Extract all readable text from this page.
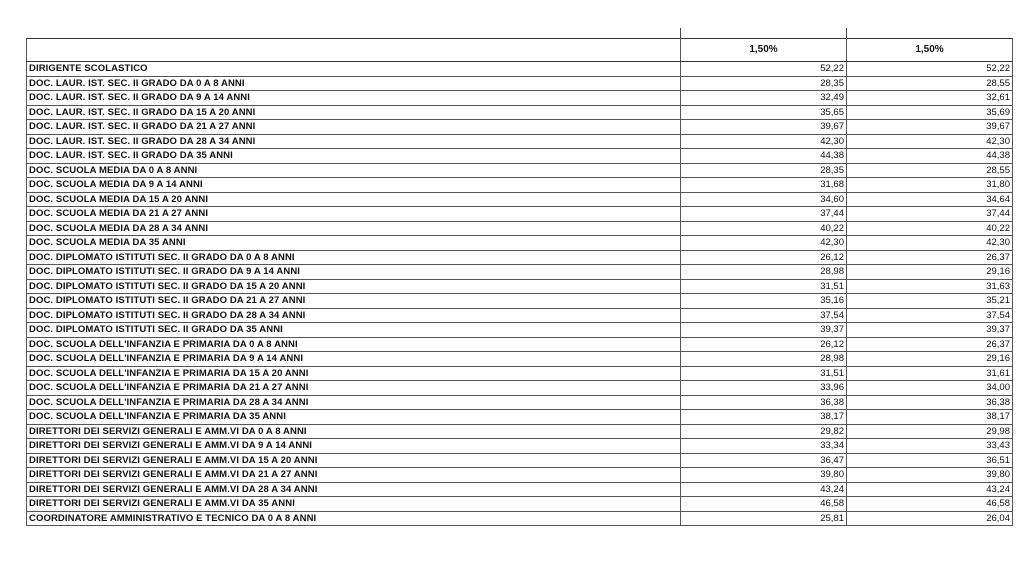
	1,50%	1,50%
DIRIGENTE SCOLASTICO	52,22	52,22
DOC. LAUR. IST. SEC. II GRADO DA 0 A 8 ANNI	28,35	28,55
DOC. LAUR. IST. SEC. II GRADO DA 9 A 14 ANNI	32,49	32,61
DOC. LAUR. IST. SEC. II GRADO DA 15 A 20 ANNI	35,65	35,69
DOC. LAUR. IST. SEC. II GRADO DA 21 A 27 ANNI	39,67	39,67
DOC. LAUR. IST. SEC. II GRADO DA 28 A 34 ANNI	42,30	42,30
DOC. LAUR. IST. SEC. II GRADO DA 35 ANNI	44,38	44,38
DOC. SCUOLA MEDIA DA 0 A 8 ANNI	28,35	28,55
DOC. SCUOLA MEDIA DA 9 A 14 ANNI	31,68	31,80
DOC. SCUOLA MEDIA DA 15 A 20 ANNI	34,60	34,64
DOC. SCUOLA MEDIA DA 21 A 27 ANNI	37,44	37,44
DOC. SCUOLA MEDIA DA 28 A 34 ANNI	40,22	40,22
DOC. SCUOLA MEDIA DA 35 ANNI	42,30	42,30
DOC. DIPLOMATO ISTITUTI SEC. II GRADO DA 0 A 8 ANNI	26,12	26,37
DOC. DIPLOMATO ISTITUTI SEC. II GRADO DA 9 A 14 ANNI	28,98	29,16
DOC. DIPLOMATO ISTITUTI SEC. II GRADO DA 15 A 20 ANNI	31,51	31,63
DOC. DIPLOMATO ISTITUTI SEC. II GRADO DA 21 A 27 ANNI	35,16	35,21
DOC. DIPLOMATO ISTITUTI SEC. II GRADO DA 28 A 34 ANNI	37,54	37,54
DOC. DIPLOMATO ISTITUTI SEC. II GRADO DA 35 ANNI	39,37	39,37
DOC. SCUOLA DELL'INFANZIA E PRIMARIA DA 0 A 8 ANNI	26,12	26,37
DOC. SCUOLA DELL'INFANZIA E PRIMARIA DA 9 A 14 ANNI	28,98	29,16
DOC. SCUOLA DELL'INFANZIA E PRIMARIA DA 15 A 20 ANNI	31,51	31,61
DOC. SCUOLA DELL'INFANZIA E PRIMARIA DA 21 A 27 ANNI	33,96	34,00
DOC. SCUOLA DELL'INFANZIA E PRIMARIA DA 28 A 34 ANNI	36,38	36,38
DOC. SCUOLA DELL'INFANZIA E PRIMARIA DA 35 ANNI	38,17	38,17
DIRETTORI DEI SERVIZI GENERALI E AMM.VI DA 0 A 8 ANNI	29,82	29,98
DIRETTORI DEI SERVIZI GENERALI E AMM.VI DA 9 A 14 ANNI	33,34	33,43
DIRETTORI DEI SERVIZI GENERALI E AMM.VI DA 15 A 20 ANNI	36,47	36,51
DIRETTORI DEI SERVIZI GENERALI E AMM.VI DA 21 A 27 ANNI	39,80	39,80
DIRETTORI DEI SERVIZI GENERALI E AMM.VI DA 28 A 34 ANNI	43,24	43,24
DIRETTORI DEI SERVIZI GENERALI E AMM.VI DA 35 ANNI	46,58	46,58
COORDINATORE AMMINISTRATIVO E TECNICO DA 0 A 8 ANNI	25,81	26,04
